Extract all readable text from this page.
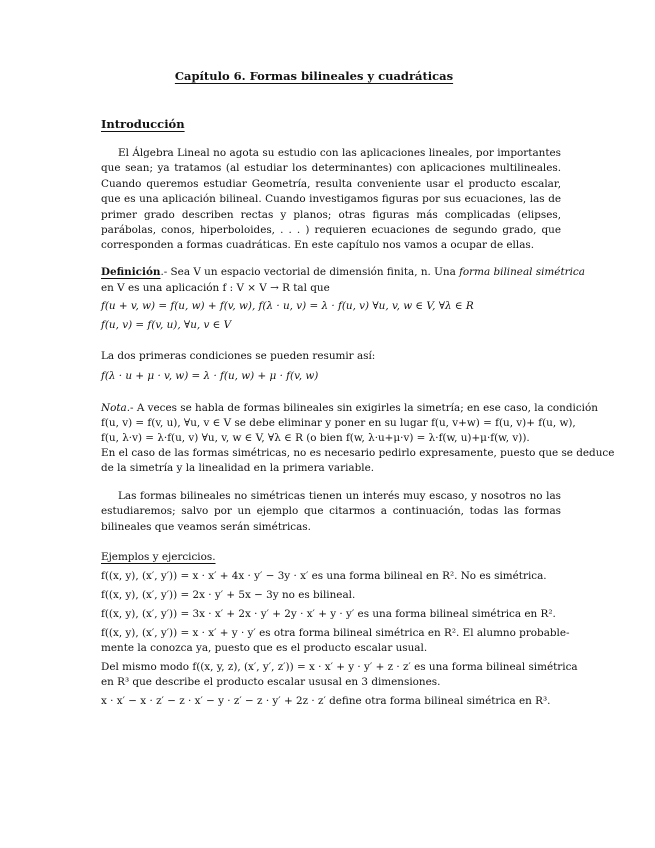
Capítulo 6. Formas bilineales y cuadráticas
Introducción
El Álgebra Lineal no agota su estudio con las aplicaciones lineales, por importantes que sean; ya tratamos (al estudiar los determinantes) con aplicaciones multilineales. Cuando queremos estudiar Geometría, resulta conveniente usar el producto escalar, que es una aplicación bilineal. Cuando investigamos figuras por sus ecuaciones, las de primer grado describen rectas y planos; otras figuras más complicadas (elipses, parábolas, conos, hiperboloides, . . . ) requieren ecuaciones de segundo grado, que corresponden a formas cuadráticas. En este capítulo nos vamos a ocupar de ellas.
Definición.- Sea V un espacio vectorial de dimensión finita, n. Una forma bilineal simétrica
en V es una aplicación f : V × V → R tal que
f(u + v, w) = f(u, w) + f(v, w), f(λ · u, v) = λ · f(u, v) ∀u, v, w ∈ V, ∀λ ∈ R
f(u, v) = f(v, u), ∀u, v ∈ V
La dos primeras condiciones se pueden resumir así:
f(λ · u + μ · v, w) = λ · f(u, w) + μ · f(v, w)
Nota.- A veces se habla de formas bilineales sin exigirles la simetría; en ese caso, la condición
f(u, v) = f(v, u), ∀u, v ∈ V se debe eliminar y poner en su lugar f(u, v+w) = f(u, v)+ f(u, w),
f(u, λ·v) = λ·f(u, v) ∀u, v, w ∈ V, ∀λ ∈ R (o bien f(w, λ·u+μ·v) = λ·f(w, u)+μ·f(w, v)).
En el caso de las formas simétricas, no es necesario pedirlo expresamente, puesto que se deduce
de la simetría y la linealidad en la primera variable.
Las formas bilineales no simétricas tienen un interés muy escaso, y nosotros no las estudiaremos; salvo por un ejemplo que citarmos a continuación, todas las formas bilineales que veamos serán simétricas.
Ejemplos y ejercicios.
f((x, y), (x′, y′)) = x · x′ + 4x · y′ − 3y · x′ es una forma bilineal en R². No es simétrica.
f((x, y), (x′, y′)) = 2x · y′ + 5x − 3y no es bilineal.
f((x, y), (x′, y′)) = 3x · x′ + 2x · y′ + 2y · x′ + y · y′ es una forma bilineal simétrica en R².
f((x, y), (x′, y′)) = x · x′ + y · y′ es otra forma bilineal simétrica en R². El alumno probable-
mente la conozca ya, puesto que es el producto escalar usual.
Del mismo modo f((x, y, z), (x′, y′, z′)) = x · x′ + y · y′ + z · z′ es una forma bilineal simétrica
en R³ que describe el producto escalar ususal en 3 dimensiones.
x · x′ − x · z′ − z · x′ − y · z′ − z · y′ + 2z · z′ define otra forma bilineal simétrica en R³.
